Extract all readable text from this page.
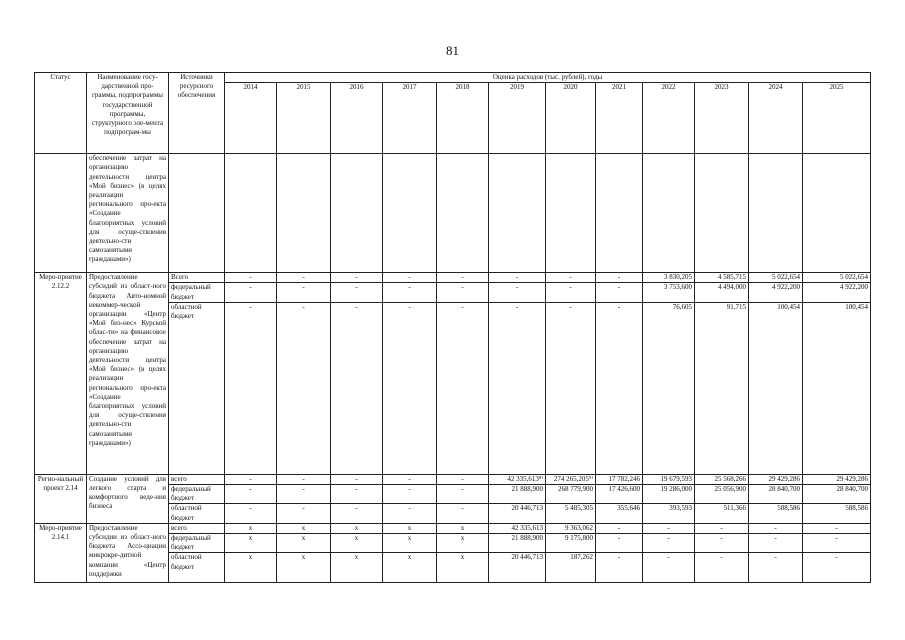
81
Статус	Наименование госу-дарственной про-граммы, подпрограммы государственной программы, структурного эле-мента подпрограм-мы	Источники ресурсного обеспечения	Оценка расходов (тыс. рублей), годы											
			2014	2015	2016	2017	2018	2019	2020	2021	2022	2023	2024	2025
	обеспечение затрат на организацию деятельности центра «Мой бизнес» (в целях реализации регионального про-екта «Создание благоприятных условий для осуще-ствления деятельно-сти самозанятыми гражданами»)													
Меро-приятие 2.12.2	Предоставление субсидий из област-ного бюджета Авто-номной некоммер-ческой организации «Центр «Мой биз-нес» Курской облас-ти» на финансовое обеспечение затрат на организацию деятельности центра «Мой бизнес» (в целях реализации регионального про-екта «Создание благоприятных условий для осуще-ствления деятельно-сти самозанятыми гражданами»)	Всего	-	-	-	-	-	-	-	-	3 830,205	4 585,715	5 022,654	5 022,654
		федеральный бюджет	-	-	-	-	-	-	-	-	3 753,600	4 494,000	4 922,200	4 922,200
		областной бюджет	-	-	-	-	-	-	-	-	76,605	91,715	100,454	100,454
Регио-нальный проект 2.14	Создание условий для легкого старта и комфортного веде-ния бизнеса	всего	-	-	-	-	-	42 335,613⁸⁾	274 265,205⁹⁾	17 782,246	19 679,593	25 568,266	29 429,286	29 429,286
		федеральный бюджет	-	-	-	-	-	21 888,900	268 779,900	17 426,600	19 286,000	25 056,900	28 840,700	28 840,700
		областной бюджет	-	-	-	-	-	20 446,713	5 485,305	355,646	393,593	511,366	588,586	588,586
Меро-приятие 2.14.1	Предоставление субсидии из област-ного бюджета Ассо-циации микрокре-дитной компании «Центр поддержки	всего	x	x	x	x	x	42 335,613	9 363,062	-	-	-	-	-
		федеральный бюджет	x	x	x	x	x	21 888,900	9 175,800	-	-	-	-	-
		областной бюджет	x	x	x	x	x	20 446,713	187,262	-	-	-	-	-
